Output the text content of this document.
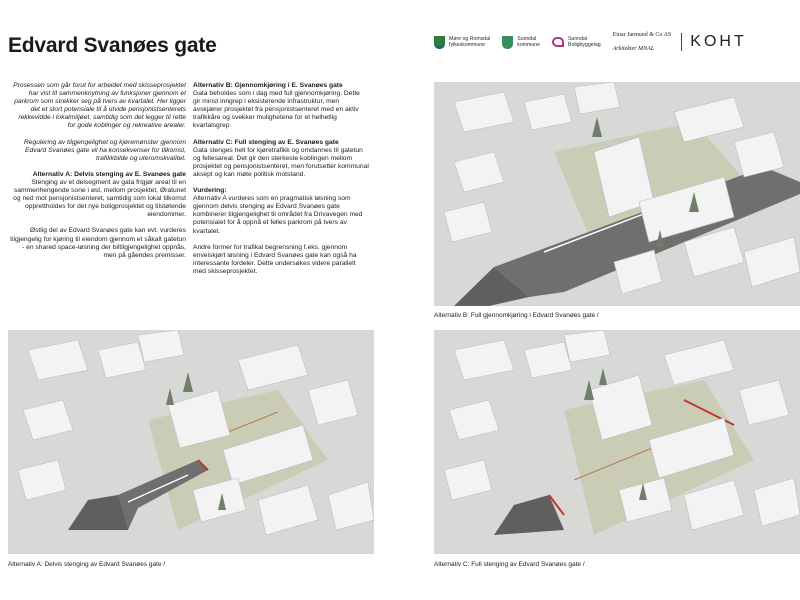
Edvard Svanøes gate	Møre og Romsdal
fylkeskommune
Sunndal
kommune
Sunndal
Boligbyggelag

Einar Jarmund & Co AS

Arkitekter MNAL	KOHT

Prosessen som går forut for arbeidet med skisseprosjektet har vist til sammenknytning av funksjoner gjennom et parkrom som strekker seg på tvers av kvartalet. Her ligger det et stort potensiale til å utvide pensjonistsenterets rekkevidde i lokalmiljøet, samtidig som det legger til rette for gode koblinger og rekreative arealer.

Regulering av tilgjengelighet og kjøremønster gjennom Edvard Svanøes gate vil ha konsekvenser for tilkomst, trafikkbilde og uteromskvalitet.

Alternativ A: Delvis stenging av E. Svanøes gate
Stenging av et delsegment av gata frigjør areal til en sammenhengende sone i øst, mellom prosjektet, Øratunet og ned mot pensjonistsenteret, samtidig som lokal tilkomst opprettholdes for det nye boligprosjektet og tilstøtende eiendommer.

Østlig del av Edvard Svanøes gate kan evt. vurderes tilgjengelig for kjøring til eiendom gjennom et såkalt gatetun - en shared space-løsning der biltilgjengelighet oppnås, men på gåendes premisser.

Alternativ B: Gjennomkjøring i E. Svanøes gate
Gata beholdes som i dag med full gjennomkjøring. Dette gir minst inngrep i eksisterende infrastruktur, men avskjærer prosjektet fra pensjonistsenteret med en aktiv trafikkåre og svekker mulighetene for et helhetlig kvartalsgrep.

Alternativ C: Full stenging av E. Svanøes gate
Gata stenges helt for kjøretrafikk og omdannes til gatetun og fellesareal. Det gir den sterkeste koblingen mellom prosjektet og pensjonistsenteret, men forutsetter kommunal aksept og kan møte politisk motstand.

Vurdering:
Alternativ A vurderes som en pragmatisk løsning som gjennom delvis stenging av Edvard Svanøes gate kombinerer tilgjengelighet til området fra Drivavegen med potensialet for å oppnå et felles parkrom på tvers av kvartalet.

Andre former for trafikal begrensning f.eks. gjennom enveiskjørt løsning i Edvard Svanøes gate kan også ha interessante fordeler. Dette undersøkes videre parallelt med skisseprosjektet.

Alternativ B: Full gjennomkjøring i Edvard Svanøes gate /
Alternativ A: Delvis stenging av Edvard Svanøes gate /	Alternativ C: Full stenging av Edvard Svanøes gate /
